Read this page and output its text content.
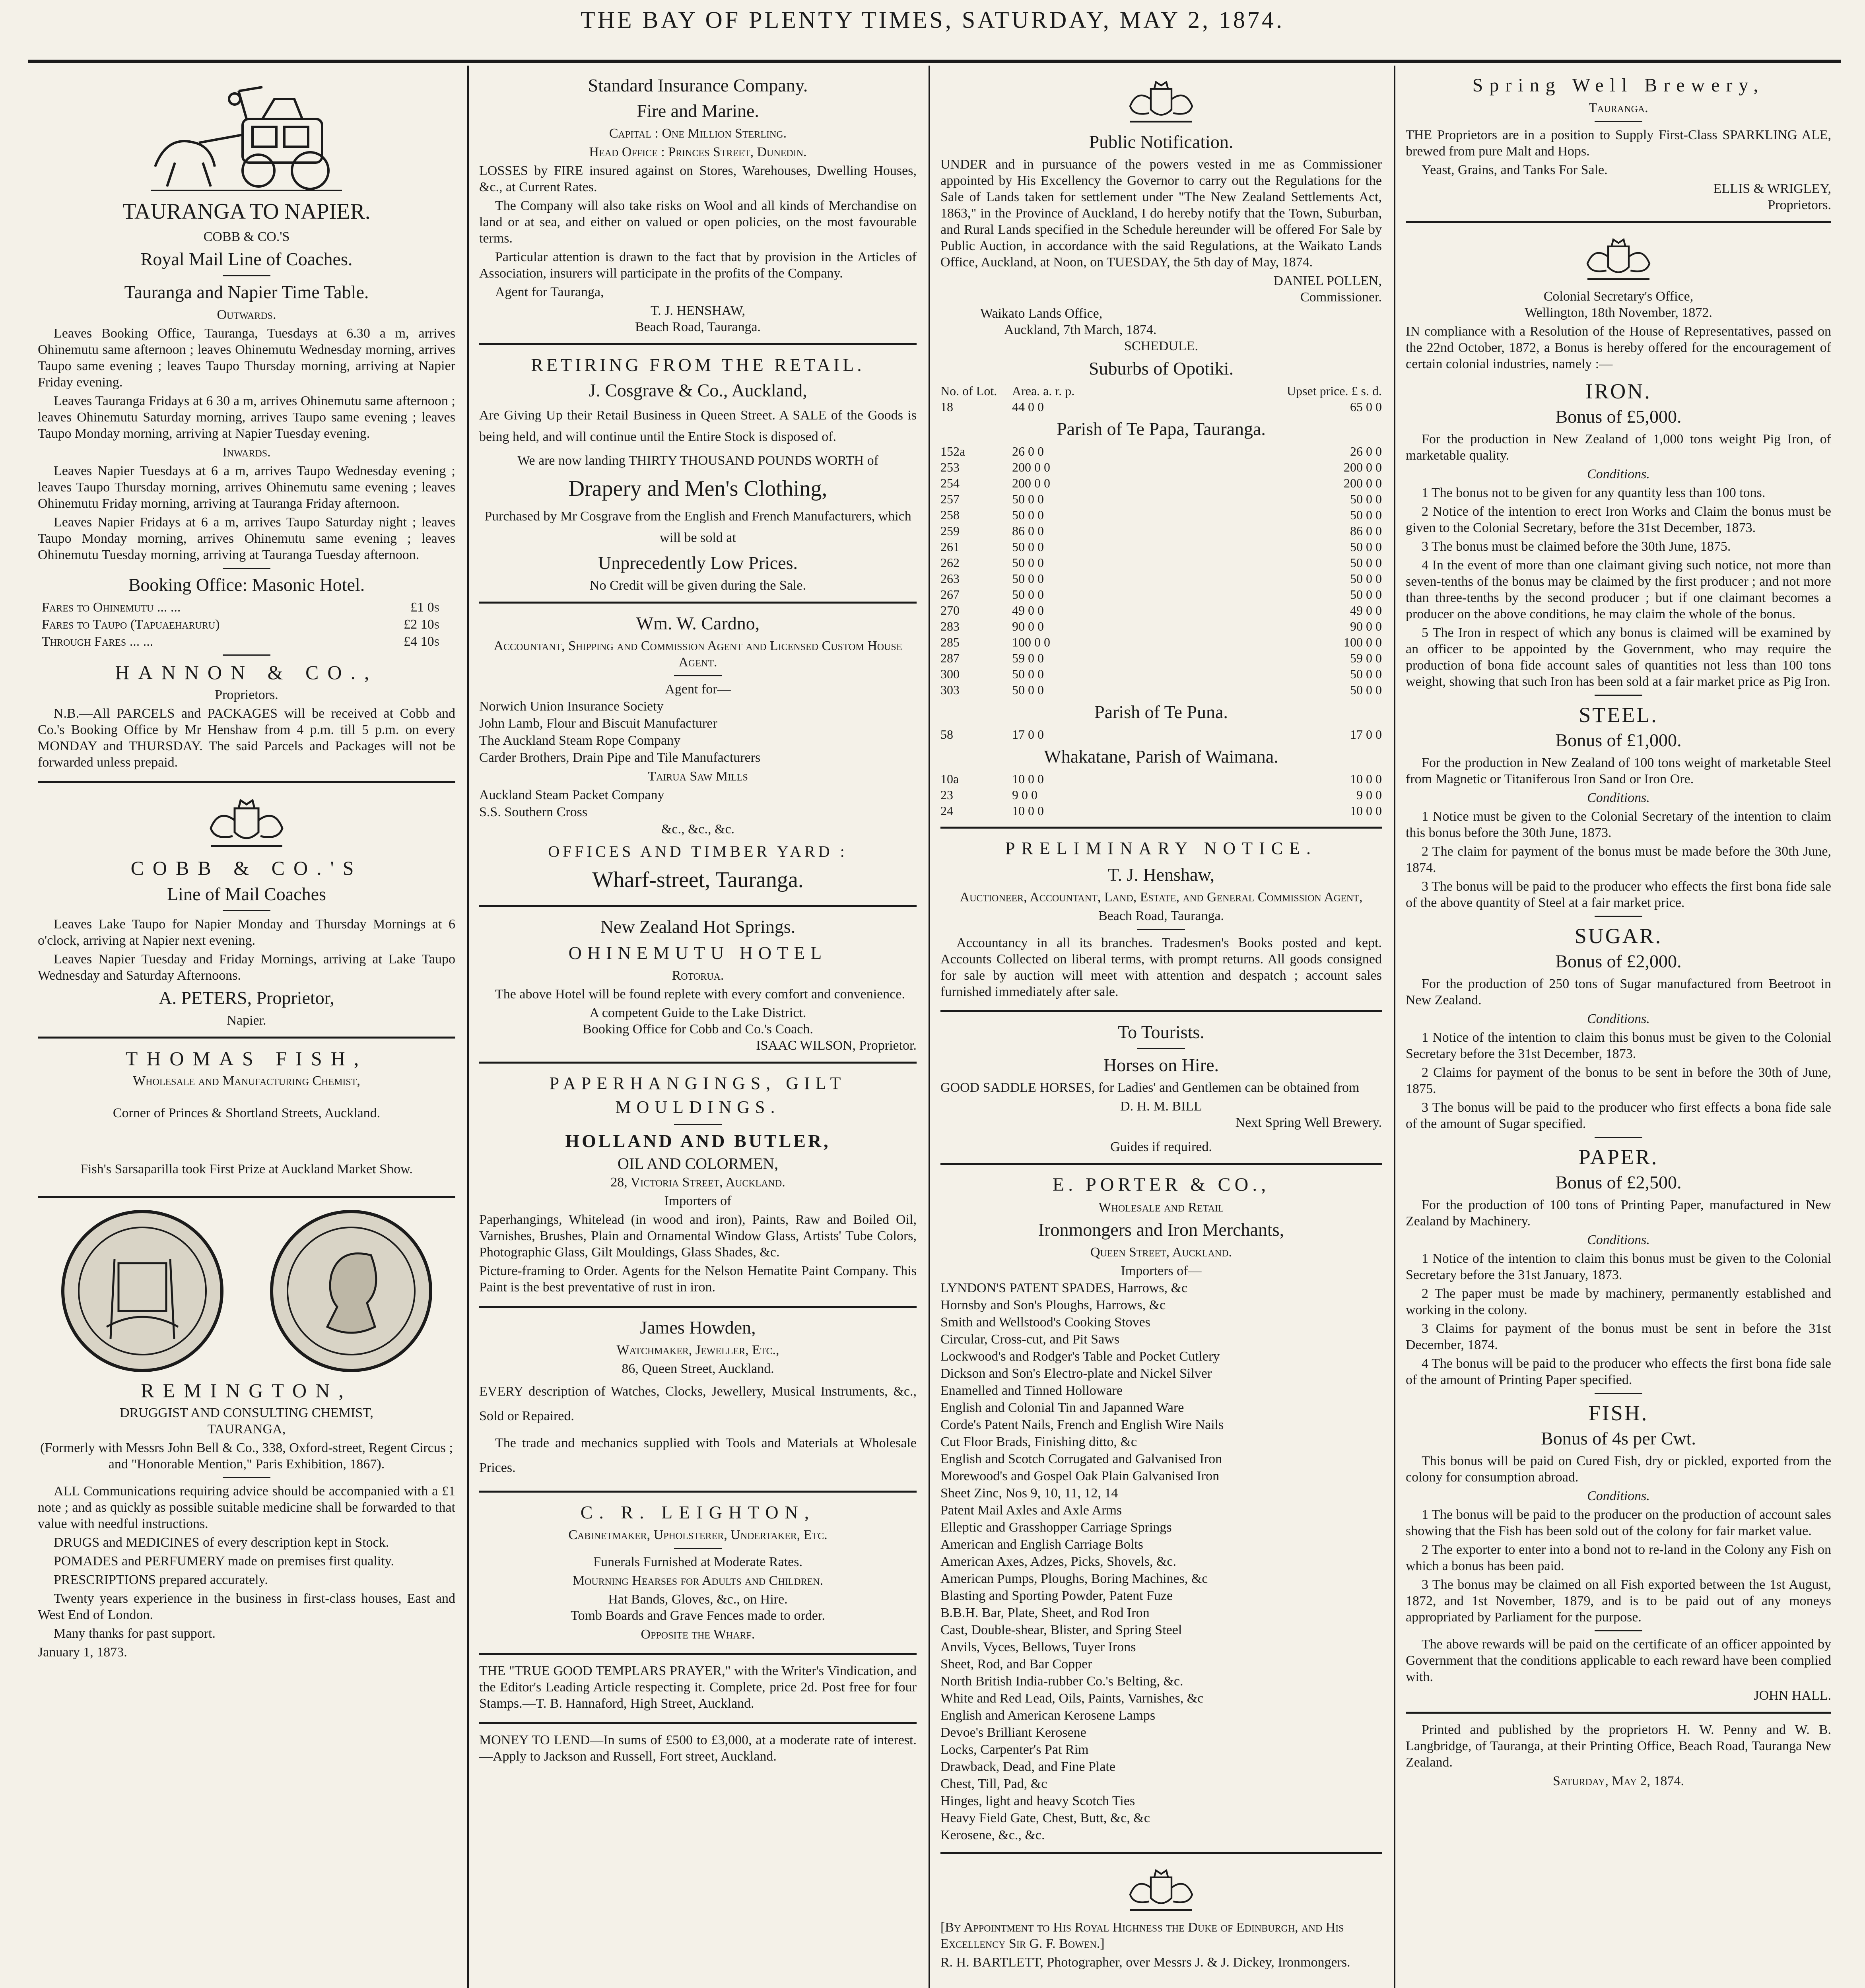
THE BAY OF PLENTY TIMES, SATURDAY, MAY 2, 1874.
TAURANGA TO NAPIER.
COBB & CO.'S
Royal Mail Line of Coaches.
Tauranga and Napier Time Table.
Outwards.

Leaves Booking Office, Tauranga, Tuesdays at 6.30 a m, arrives Ohinemutu same afternoon ; leaves Ohinemutu Wednesday morning, arrives Taupo same evening ; leaves Taupo Thursday morning, arriving at Napier Friday evening.

Leaves Tauranga Fridays at 6 30 a m, arrives Ohinemutu same afternoon ; leaves Ohinemutu Saturday morning, arrives Taupo same evening ; leaves Taupo Monday morning, arriving at Napier Tuesday evening.

Inwards.

Leaves Napier Tuesdays at 6 a m, arrives Taupo Wednesday evening ; leaves Taupo Thursday morning, arrives Ohinemutu same evening ; leaves Ohinemutu Friday morning, arriving at Tauranga Friday afternoon.

Leaves Napier Fridays at 6 a m, arrives Taupo Saturday night ; leaves Taupo Monday morning, arrives Ohinemutu same evening ; leaves Ohinemutu Tuesday morning, arriving at Tauranga Tuesday afternoon.

Booking Office: Masonic Hotel.
Fares to Ohinemutu ... ...	£1 0s
Fares to Taupo (Tapuaeharuru)	£2 10s
Through Fares ... ...	£4 10s
HANNON & CO.,
Proprietors.

N.B.—All PARCELS and PACKAGES will be received at Cobb and Co.'s Booking Office by Mr Henshaw from 4 p.m. till 5 p.m. on every MONDAY and THURSDAY. The said Parcels and Packages will not be forwarded unless prepaid.

COBB & CO.'S
Line of Mail Coaches

Leaves Lake Taupo for Napier Monday and Thursday Mornings at 6 o'clock, arriving at Napier next evening.

Leaves Napier Tuesday and Friday Mornings, arriving at Lake Taupo Wednesday and Saturday Afternoons.

A. PETERS, Proprietor,
Napier.
THOMAS FISH,
Wholesale and Manufacturing Chemist,

Corner of Princes & Shortland Streets, Auckland.

Fish's Sarsaparilla took First Prize at Auckland Market Show.

REMINGTON,
DRUGGIST AND CONSULTING CHEMIST,
TAURANGA,

(Formerly with Messrs John Bell & Co., 338, Oxford-street, Regent Circus ; and "Honorable Mention," Paris Exhibition, 1867).

ALL Communications requiring advice should be accompanied with a £1 note ; and as quickly as possible suitable medicine shall be forwarded to that value with needful instructions.

DRUGS and MEDICINES of every description kept in Stock.

POMADES and PERFUMERY made on premises first quality.

PRESCRIPTIONS prepared accurately.

Twenty years experience in the business in first-class houses, East and West End of London.

Many thanks for past support.

January 1, 1873.

Standard Insurance Company.
Fire and Marine.
Capital : One Million Sterling.
Head Office : Princes Street, Dunedin.

LOSSES by FIRE insured against on Stores, Warehouses, Dwelling Houses, &c., at Current Rates.

The Company will also take risks on Wool and all kinds of Merchandise on land or at sea, and either on valued or open policies, on the most favourable terms.

Particular attention is drawn to the fact that by provision in the Articles of Association, insurers will participate in the profits of the Company.

Agent for Tauranga,

T. J. HENSHAW,
Beach Road, Tauranga.
RETIRING FROM THE RETAIL.
J. Cosgrave & Co., Auckland,

Are Giving Up their Retail Business in Queen Street. A SALE of the Goods is being held, and will continue until the Entire Stock is disposed of.

We are now landing THIRTY THOUSAND POUNDS WORTH of

Drapery and Men's Clothing,

Purchased by Mr Cosgrave from the English and French Manufacturers, which will be sold at

Unprecedently Low Prices.
No Credit will be given during the Sale.
Wm. W. Cardno,
Accountant, Shipping and Commission Agent and Licensed Custom House Agent.
Agent for—
Norwich Union Insurance Society
John Lamb, Flour and Biscuit Manufacturer
The Auckland Steam Rope Company
Carder Brothers, Drain Pipe and Tile Manufacturers
Tairua Saw Mills
Auckland Steam Packet Company
S.S. Southern Cross
&c., &c., &c.
OFFICES AND TIMBER YARD :
Wharf-street, Tauranga.
New Zealand Hot Springs.
OHINEMUTU HOTEL
Rotorua.

The above Hotel will be found replete with every comfort and convenience.

A competent Guide to the Lake District.
Booking Office for Cobb and Co.'s Coach.
ISAAC WILSON, Proprietor.
PAPERHANGINGS, GILT MOULDINGS.
HOLLAND AND BUTLER,
OIL AND COLORMEN,
28, Victoria Street, Auckland.
Importers of

Paperhangings, Whitelead (in wood and iron), Paints, Raw and Boiled Oil, Varnishes, Brushes, Plain and Ornamental Window Glass, Artists' Tube Colors, Photographic Glass, Gilt Mouldings, Glass Shades, &c.

Picture-framing to Order. Agents for the Nelson Hematite Paint Company. This Paint is the best preventative of rust in iron.

James Howden,
Watchmaker, Jeweller, Etc.,
86, Queen Street, Auckland.

EVERY description of Watches, Clocks, Jewellery, Musical Instruments, &c., Sold or Repaired.

The trade and mechanics supplied with Tools and Materials at Wholesale Prices.

C. R. LEIGHTON,
Cabinetmaker, Upholsterer, Undertaker, Etc.
Funerals Furnished at Moderate Rates.
Mourning Hearses for Adults and Children.
Hat Bands, Gloves, &c., on Hire.
Tomb Boards and Grave Fences made to order.
Opposite the Wharf.

THE "TRUE GOOD TEMPLARS PRAYER," with the Writer's Vindication, and the Editor's Leading Article respecting it. Complete, price 2d. Post free for four Stamps.—T. B. Hannaford, High Street, Auckland.

MONEY TO LEND—In sums of £500 to £3,000, at a moderate rate of interest.—Apply to Jackson and Russell, Fort street, Auckland.

Public Notification.

UNDER and in pursuance of the powers vested in me as Commissioner appointed by His Excellency the Governor to carry out the Regulations for the Sale of Lands taken for settlement under "The New Zealand Settlements Act, 1863," in the Province of Auckland, I do hereby notify that the Town, Suburban, and Rural Lands specified in the Schedule hereunder will be offered For Sale by Public Auction, in accordance with the said Regulations, at the Waikato Lands Office, Auckland, at Noon, on TUESDAY, the 5th day of May, 1874.

DANIEL POLLEN,
Commissioner.
Waikato Lands Office,
Auckland, 7th March, 1874.
SCHEDULE.
Suburbs of Opotiki.
No. of Lot.	Area. a. r. p.	Upset price. £ s. d.
18	44 0 0	65 0 0
Parish of Te Papa, Tauranga.
152a	26 0 0	26 0 0
253	200 0 0	200 0 0
254	200 0 0	200 0 0
257	50 0 0	50 0 0
258	50 0 0	50 0 0
259	86 0 0	86 0 0
261	50 0 0	50 0 0
262	50 0 0	50 0 0
263	50 0 0	50 0 0
267	50 0 0	50 0 0
270	49 0 0	49 0 0
283	90 0 0	90 0 0
285	100 0 0	100 0 0
287	59 0 0	59 0 0
300	50 0 0	50 0 0
303	50 0 0	50 0 0
Parish of Te Puna.
58	17 0 0	17 0 0
Whakatane, Parish of Waimana.
10a	10 0 0	10 0 0
23	9 0 0	9 0 0
24	10 0 0	10 0 0
PRELIMINARY NOTICE.
T. J. Henshaw,
Auctioneer, Accountant, Land, Estate, and General Commission Agent,
Beach Road, Tauranga.

Accountancy in all its branches. Tradesmen's Books posted and kept. Accounts Collected on liberal terms, with prompt returns. All goods consigned for sale by auction will meet with attention and despatch ; account sales furnished immediately after sale.

To Tourists.
Horses on Hire.

GOOD SADDLE HORSES, for Ladies' and Gentlemen can be obtained from

D. H. M. BILL
Next Spring Well Brewery.
Guides if required.
E. PORTER & CO.,
Wholesale and Retail
Ironmongers and Iron Merchants,
Queen Street, Auckland.
Importers of—
LYNDON'S PATENT SPADES, Harrows, &c
Hornsby and Son's Ploughs, Harrows, &c
Smith and Wellstood's Cooking Stoves
Circular, Cross-cut, and Pit Saws
Lockwood's and Rodger's Table and Pocket Cutlery
Dickson and Son's Electro-plate and Nickel Silver
Enamelled and Tinned Holloware
English and Colonial Tin and Japanned Ware
Corde's Patent Nails, French and English Wire Nails
Cut Floor Brads, Finishing ditto, &c
English and Scotch Corrugated and Galvanised Iron
Morewood's and Gospel Oak Plain Galvanised Iron
Sheet Zinc, Nos 9, 10, 11, 12, 14
Patent Mail Axles and Axle Arms
Elleptic and Grasshopper Carriage Springs
American and English Carriage Bolts
American Axes, Adzes, Picks, Shovels, &c.
American Pumps, Ploughs, Boring Machines, &c
Blasting and Sporting Powder, Patent Fuze
B.B.H. Bar, Plate, Sheet, and Rod Iron
Cast, Double-shear, Blister, and Spring Steel
Anvils, Vyces, Bellows, Tuyer Irons
Sheet, Rod, and Bar Copper
North British India-rubber Co.'s Belting, &c.
White and Red Lead, Oils, Paints, Varnishes, &c
English and American Kerosene Lamps
Devoe's Brilliant Kerosene
Locks, Carpenter's Pat Rim
Drawback, Dead, and Fine Plate
Chest, Till, Pad, &c
Hinges, light and heavy Scotch Ties
Heavy Field Gate, Chest, Butt, &c, &c
Kerosene, &c., &c.

[By Appointment to His Royal Highness the Duke of Edinburgh, and His Excellency Sir G. F. Bowen.]

R. H. BARTLETT, Photographer, over Messrs J. & J. Dickey, Ironmongers.

Spring Well Brewery,
Tauranga.

THE Proprietors are in a position to Supply First-Class SPARKLING ALE, brewed from pure Malt and Hops.

Yeast, Grains, and Tanks For Sale.

ELLIS & WRIGLEY,
Proprietors.
Colonial Secretary's Office,
Wellington, 18th November, 1872.

IN compliance with a Resolution of the House of Representatives, passed on the 22nd October, 1872, a Bonus is hereby offered for the encouragement of certain colonial industries, namely :—

IRON.
Bonus of £5,000.

For the production in New Zealand of 1,000 tons weight Pig Iron, of marketable quality.

Conditions.

1 The bonus not to be given for any quantity less than 100 tons.

2 Notice of the intention to erect Iron Works and Claim the bonus must be given to the Colonial Secretary, before the 31st December, 1873.

3 The bonus must be claimed before the 30th June, 1875.

4 In the event of more than one claimant giving such notice, not more than seven-tenths of the bonus may be claimed by the first producer ; and not more than three-tenths by the second producer ; but if one claimant becomes a producer on the above conditions, he may claim the whole of the bonus.

5 The Iron in respect of which any bonus is claimed will be examined by an officer to be appointed by the Government, who may require the production of bona fide account sales of quantities not less than 100 tons weight, showing that such Iron has been sold at a fair market price as Pig Iron.

STEEL.
Bonus of £1,000.

For the production in New Zealand of 100 tons weight of marketable Steel from Magnetic or Titaniferous Iron Sand or Iron Ore.

Conditions.

1 Notice must be given to the Colonial Secretary of the intention to claim this bonus before the 30th June, 1873.

2 The claim for payment of the bonus must be made before the 30th June, 1874.

3 The bonus will be paid to the producer who effects the first bona fide sale of the above quantity of Steel at a fair market price.

SUGAR.
Bonus of £2,000.

For the production of 250 tons of Sugar manufactured from Beetroot in New Zealand.

Conditions.

1 Notice of the intention to claim this bonus must be given to the Colonial Secretary before the 31st December, 1873.

2 Claims for payment of the bonus to be sent in before the 30th of June, 1875.

3 The bonus will be paid to the producer who first effects a bona fide sale of the amount of Sugar specified.

PAPER.
Bonus of £2,500.

For the production of 100 tons of Printing Paper, manufactured in New Zealand by Machinery.

Conditions.

1 Notice of the intention to claim this bonus must be given to the Colonial Secretary before the 31st January, 1873.

2 The paper must be made by machinery, permanently established and working in the colony.

3 Claims for payment of the bonus must be sent in before the 31st December, 1874.

4 The bonus will be paid to the producer who effects the first bona fide sale of the amount of Printing Paper specified.

FISH.
Bonus of 4s per Cwt.

This bonus will be paid on Cured Fish, dry or pickled, exported from the colony for consumption abroad.

Conditions.

1 The bonus will be paid to the producer on the production of account sales showing that the Fish has been sold out of the colony for fair market value.

2 The exporter to enter into a bond not to re-land in the Colony any Fish on which a bonus has been paid.

3 The bonus may be claimed on all Fish exported between the 1st August, 1872, and 1st November, 1879, and is to be paid out of any moneys appropriated by Parliament for the purpose.

The above rewards will be paid on the certificate of an officer appointed by Government that the conditions applicable to each reward have been complied with.

JOHN HALL.

Printed and published by the proprietors H. W. Penny and W. B. Langbridge, of Tauranga, at their Printing Office, Beach Road, Tauranga New Zealand.

Saturday, May 2, 1874.
